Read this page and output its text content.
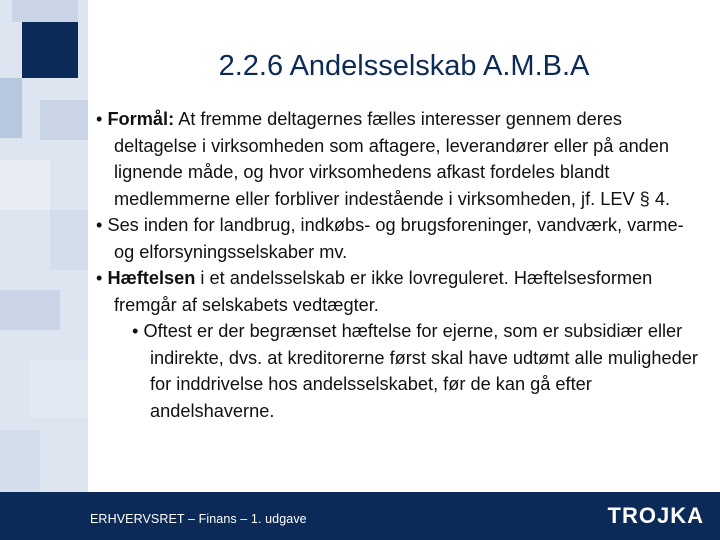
2.2.6 Andelsselskab A.M.B.A

• Formål: At fremme deltagernes fælles interesser gennem deres deltagelse i virksomheden som aftagere, leverandører eller på anden lignende måde, og hvor virksomhedens afkast fordeles blandt medlemmerne eller forbliver indestående i virksomheden, jf. LEV § 4.

• Ses inden for landbrug, indkøbs- og brugsforeninger, vandværk, varme- og elforsyningsselskaber mv.

• Hæftelsen i et andelsselskab er ikke lovreguleret. Hæftelsesformen fremgår af selskabets vedtægter.

• Oftest er der begrænset hæftelse for ejerne, som er subsidiær eller indirekte, dvs. at kreditorerne først skal have udtømt alle muligheder for inddrivelse hos andelsselskabet, før de kan gå efter andelshaverne.

ERHVERVSRET – Finans – 1. udgave	TROJKA
